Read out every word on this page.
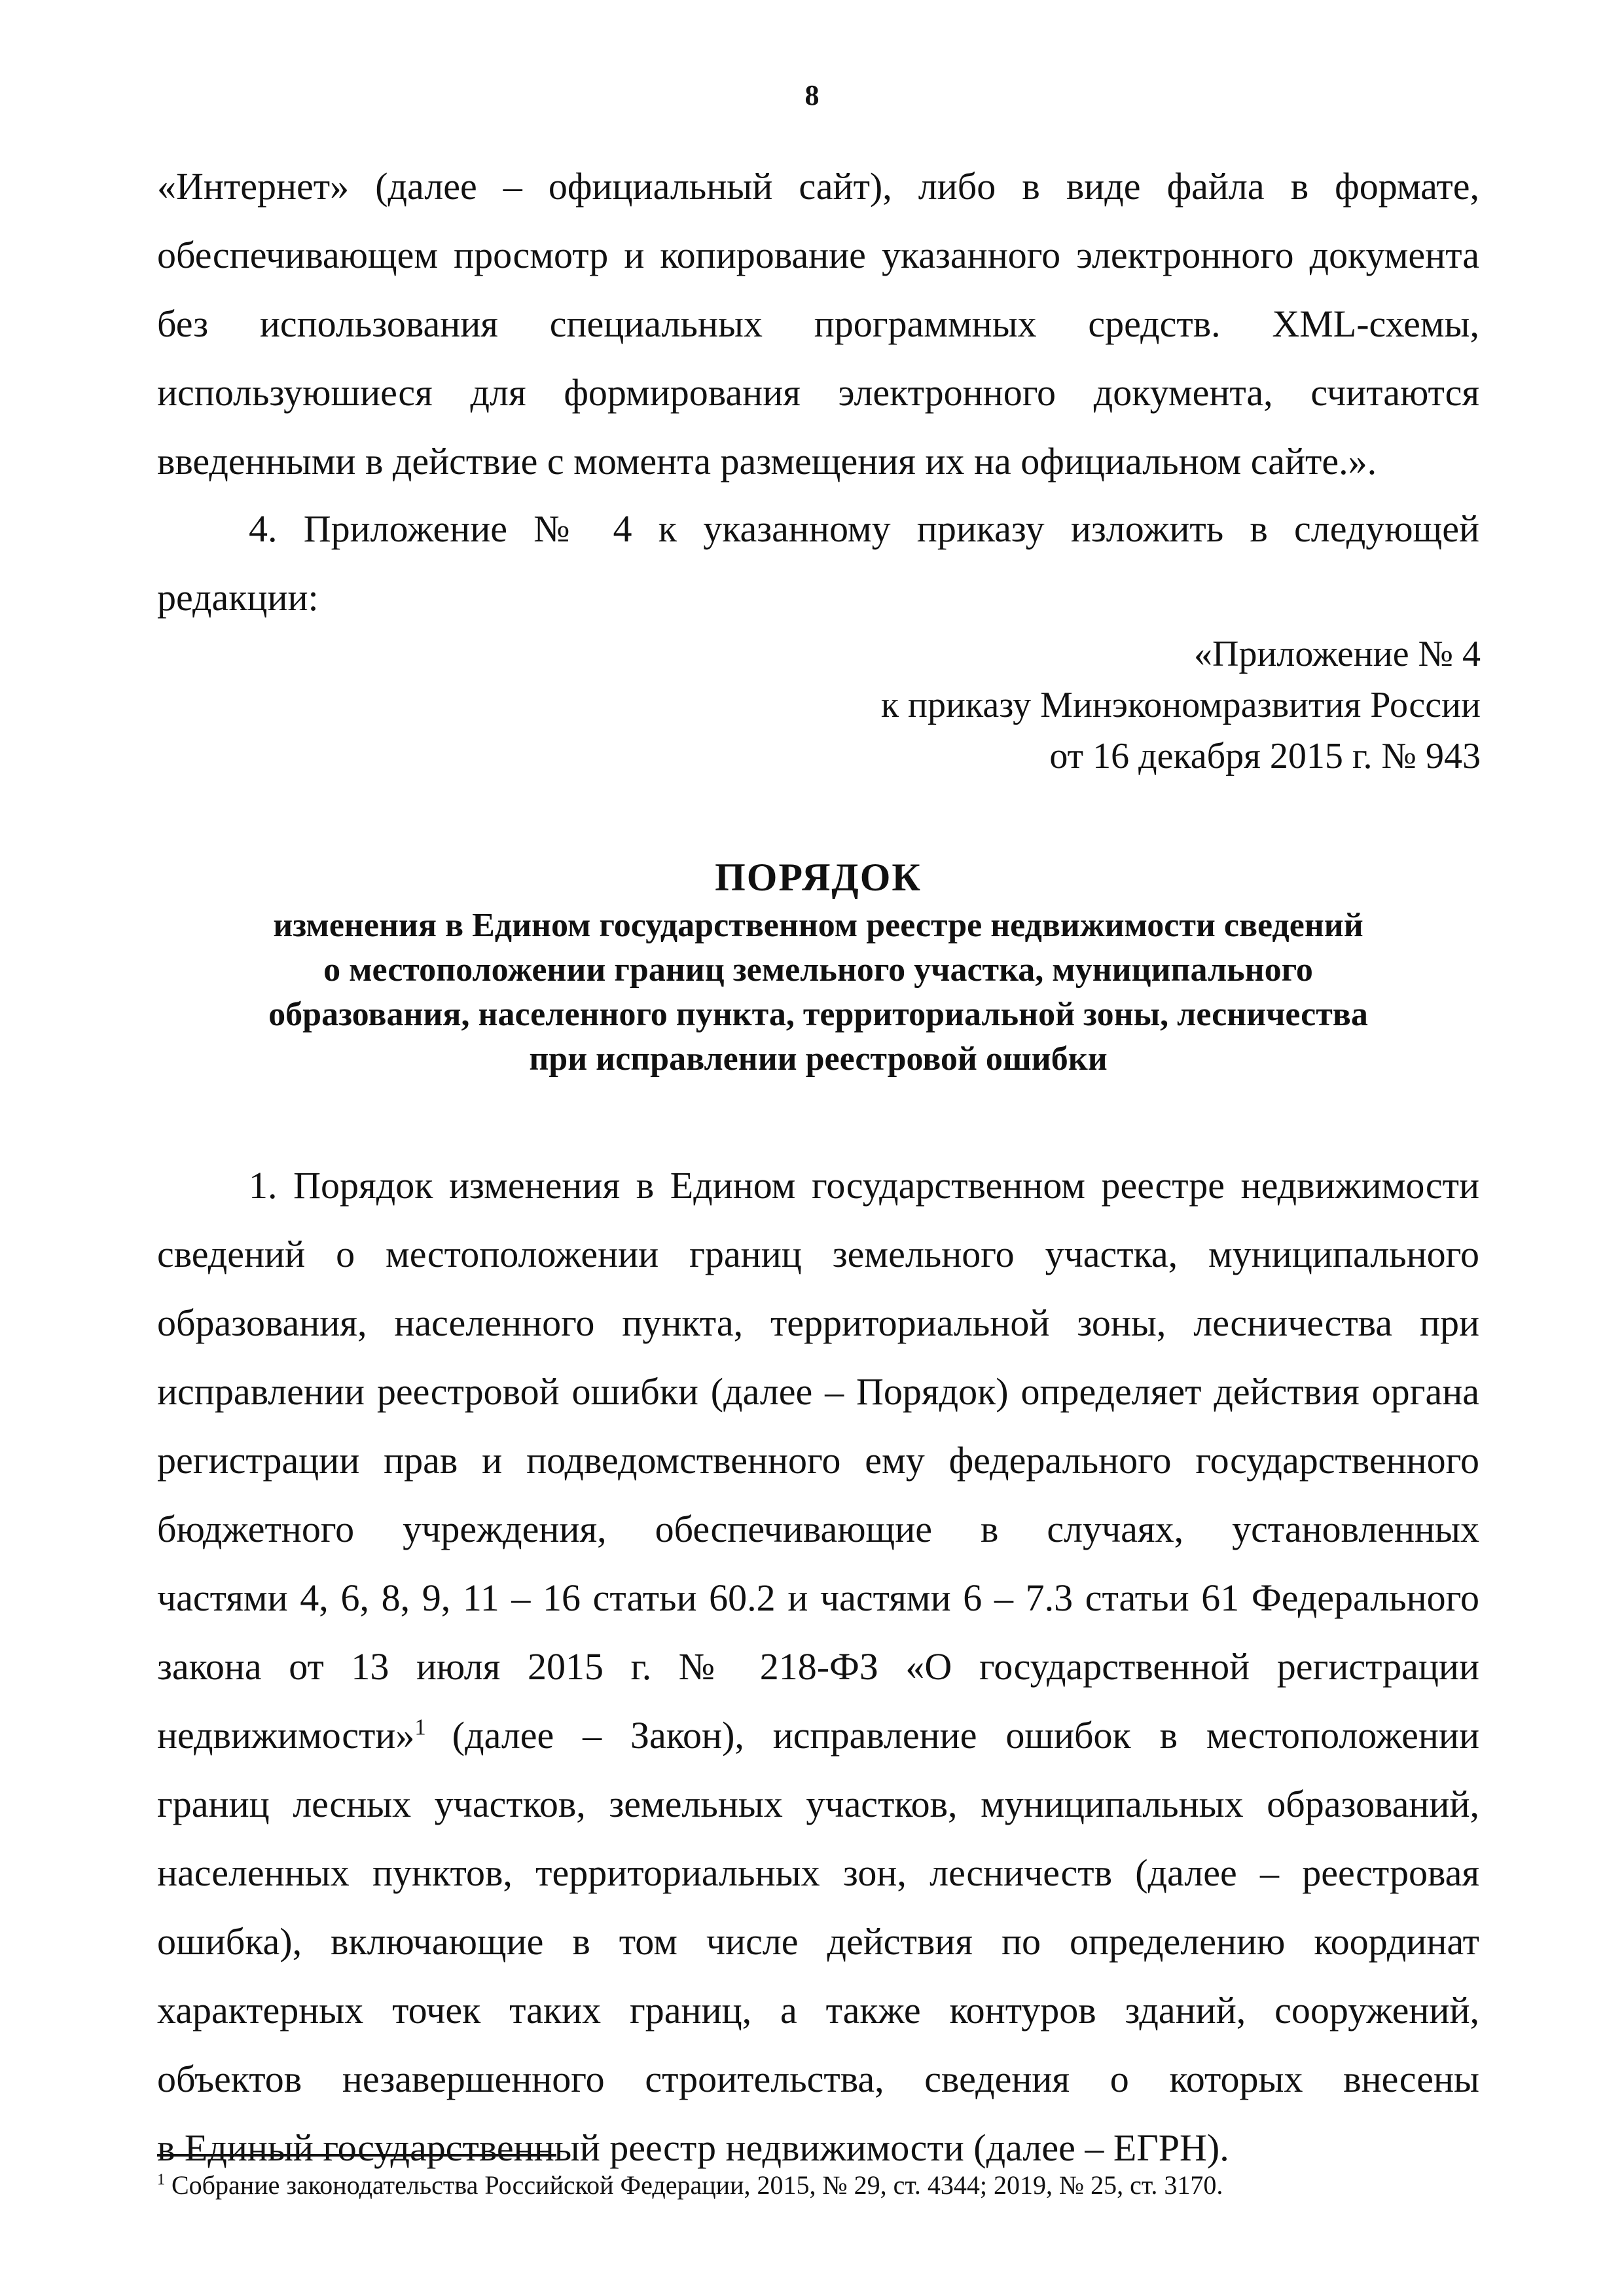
8
«Интернет» (далее – официальный сайт), либо в виде файла в формате,
обеспечивающем просмотр и копирование указанного электронного документа
без использования специальных программных средств. XML-схемы,
используюшиеся для формирования электронного документа, считаются
введенными в действие с момента размещения их на официальном сайте.».
4. Приложение № 4 к указанному приказу изложить в следующей
редакции:
«Приложение № 4
к приказу Минэкономразвития России
от 16 декабря 2015 г. № 943
ПОРЯДОК
изменения в Едином государственном реестре недвижимости сведений
о местоположении границ земельного участка, муниципального
образования, населенного пункта, территориальной зоны, лесничества
при исправлении реестровой ошибки
1. Порядок изменения в Едином государственном реестре недвижимости
сведений о местоположении границ земельного участка, муниципального
образования, населенного пункта, территориальной зоны, лесничества при
исправлении реестровой ошибки (далее – Порядок) определяет действия органа
регистрации прав и подведомственного ему федерального государственного
бюджетного учреждения, обеспечивающие в случаях, установленных
частями 4, 6, 8, 9, 11 – 16 статьи 60.2 и частями 6 – 7.3 статьи 61 Федерального
закона от 13 июля 2015 г. № 218-ФЗ «О государственной регистрации
недвижимости»$^1$ (далее – Закон), исправление ошибок в местоположении
границ лесных участков, земельных участков, муниципальных образований,
населенных пунктов, территориальных зон, лесничеств (далее – реестровая
ошибка), включающие в том числе действия по определению координат
характерных точек таких границ, а также контуров зданий, сооружений,
объектов незавершенного строительства, сведения о которых внесены
в Единый государственный реестр недвижимости (далее – ЕГРН).
$^1$ Собрание законодательства Российской Федерации, 2015, № 29, ст. 4344; 2019, № 25, ст. 3170.
